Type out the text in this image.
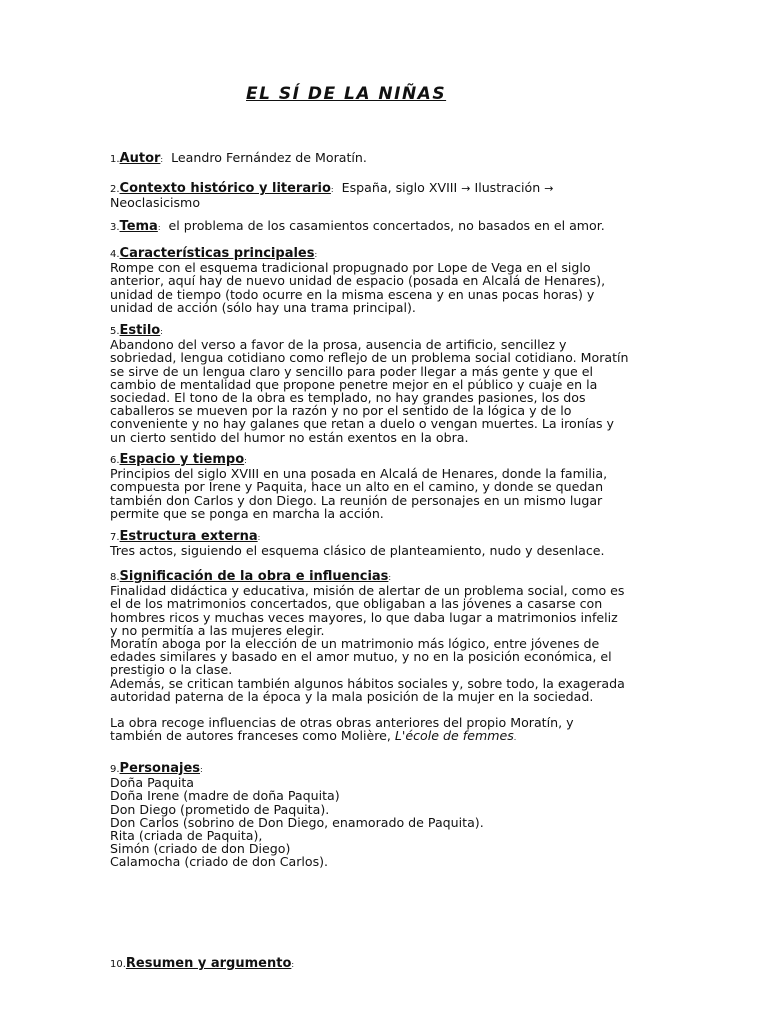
EL SÍ DE LA NIÑAS
1.Autor: Leandro Fernández de Moratín.
2.Contexto histórico y literario: España, siglo XVIII → Ilustración →
Neoclasicismo
3.Tema: el problema de los casamientos concertados, no basados en el amor.
4.Características principales:
Rompe con el esquema tradicional propugnado por Lope de Vega en el siglo
anterior, aquí hay de nuevo unidad de espacio (posada en Alcalá de Henares),
unidad de tiempo (todo ocurre en la misma escena y en unas pocas horas) y
unidad de acción (sólo hay una trama principal).
5.Estilo:
Abandono del verso a favor de la prosa, ausencia de artificio, sencillez y
sobriedad, lengua cotidiano como reflejo de un problema social cotidiano. Moratín
se sirve de un lengua claro y sencillo para poder llegar a más gente y que el
cambio de mentalidad que propone penetre mejor en el público y cuaje en la
sociedad. El tono de la obra es templado, no hay grandes pasiones, los dos
caballeros se mueven por la razón y no por el sentido de la lógica y de lo
conveniente y no hay galanes que retan a duelo o vengan muertes. La ironías y
un cierto sentido del humor no están exentos en la obra.
6.Espacio y tiempo:
Principios del siglo XVIII en una posada en Alcalá de Henares, donde la familia,
compuesta por Irene y Paquita, hace un alto en el camino, y donde se quedan
también don Carlos y don Diego. La reunión de personajes en un mismo lugar
permite que se ponga en marcha la acción.
7.Estructura externa:
Tres actos, siguiendo el esquema clásico de planteamiento, nudo y desenlace.
8.Significación de la obra e influencias:
Finalidad didáctica y educativa, misión de alertar de un problema social, como es
el de los matrimonios concertados, que obligaban a las jóvenes a casarse con
hombres ricos y muchas veces mayores, lo que daba lugar a matrimonios infeliz
y no permitía a las mujeres elegir.
Moratín aboga por la elección de un matrimonio más lógico, entre jóvenes de
edades similares y basado en el amor mutuo, y no en la posición económica, el
prestigio o la clase.
Además, se critican también algunos hábitos sociales y, sobre todo, la exagerada
autoridad paterna de la época y la mala posición de la mujer en la sociedad.
La obra recoge influencias de otras obras anteriores del propio Moratín, y
también de autores franceses como Molière, L'école de femmes.
9.Personajes:
Doña Paquita
Doña Irene (madre de doña Paquita)
Don Diego (prometido de Paquita).
Don Carlos (sobrino de Don Diego, enamorado de Paquita).
Rita (criada de Paquita),
Simón (criado de don Diego)
Calamocha (criado de don Carlos).
10.Resumen y argumento:
